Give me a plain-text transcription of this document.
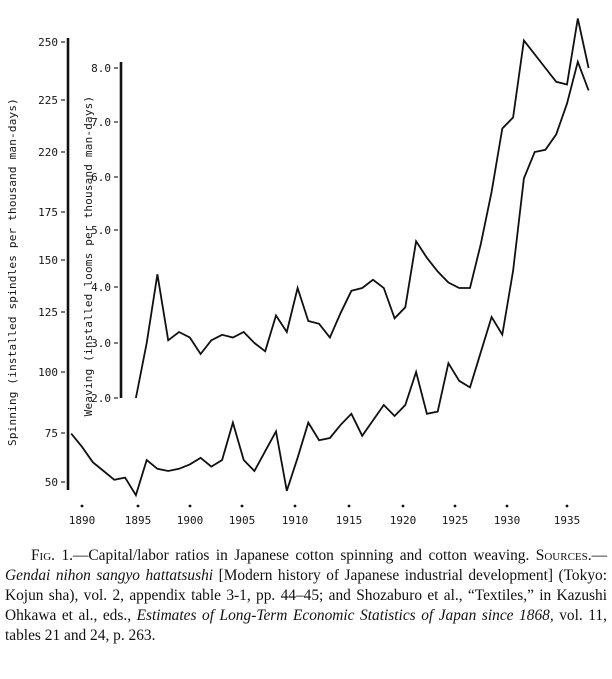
Spinning (installed spindles per thousand man-days)	Weaving (installed looms per thousand man-days)
250
225
220
175
150
125
100
75
50
8.0
7.0
6.0
5.0
4.0
3.0
2.0
1890	1895 1900 1905 1910	1915	1920 1925 1930	1935

Fig. 1.—Capital/labor ratios in Japanese cotton spinning and cotton weaving. Sources.—Gendai nihon sangyo hattatsushi [Modern history of Japanese industrial development] (Tokyo: Kojun sha), vol. 2, appendix table 3-1, pp. 44–45; and Shozaburo et al., “Textiles,” in Kazushi Ohkawa et al., eds., Estimates of Long-Term Economic Statistics of Japan since 1868, vol. 11, tables 21 and 24, p. 263.
